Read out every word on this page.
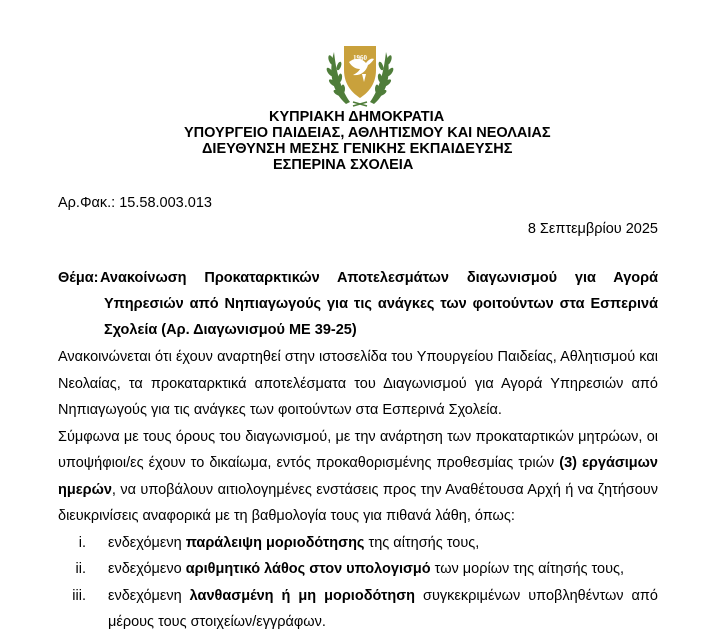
1960
ΚΥΠΡΙΑΚΗ ΔΗΜΟΚΡΑΤΙΑ
ΥΠΟΥΡΓΕΙΟ ΠΑΙΔΕΙΑΣ, ΑΘΛΗΤΙΣΜΟΥ ΚΑΙ ΝΕΟΛΑΙΑΣ
ΔΙΕΥΘΥΝΣΗ ΜΕΣΗΣ ΓΕΝΙΚΗΣ ΕΚΠΑΙΔΕΥΣΗΣ
ΕΣΠΕΡΙΝΑ ΣΧΟΛΕΙΑ
Αρ.Φακ.: 15.58.003.013
8 Σεπτεμβρίου 2025
Θέμα: Ανακοίνωση Προκαταρκτικών Αποτελεσμάτων διαγωνισμού για Αγορά
Υπηρεσιών από Νηπιαγωγούς για τις ανάγκες των φοιτούντων στα Εσπερινά
Σχολεία (Αρ. Διαγωνισμού ΜΕ 39-25)
Ανακοινώνεται ότι έχουν αναρτηθεί στην ιστοσελίδα του Υπουργείου Παιδείας, Αθλητισμού και
Νεολαίας, τα προκαταρκτικά αποτελέσματα του Διαγωνισμού για Αγορά Υπηρεσιών από
Νηπιαγωγούς για τις ανάγκες των φοιτούντων στα Εσπερινά Σχολεία.
Σύμφωνα με τους όρους του διαγωνισμού, με την ανάρτηση των προκαταρτικών μητρώων, οι
υποψήφιοι/ες έχουν το δικαίωμα, εντός προκαθορισμένης προθεσμίας τριών (3) εργάσιμων
ημερών, να υποβάλουν αιτιολογημένες ενστάσεις προς την Αναθέτουσα Αρχή ή να ζητήσουν
διευκρινίσεις αναφορικά με τη βαθμολογία τους για πιθανά λάθη, όπως:
i. ενδεχόμενη παράλειψη μοριοδότησης της αίτησής τους,
ii. ενδεχόμενο αριθμητικό λάθος στον υπολογισμό των μορίων της αίτησής τους,
iii. ενδεχόμενη λανθασμένη ή μη μοριοδότηση συγκεκριμένων υποβληθέντων από
μέρους τους στοιχείων/εγγράφων.
